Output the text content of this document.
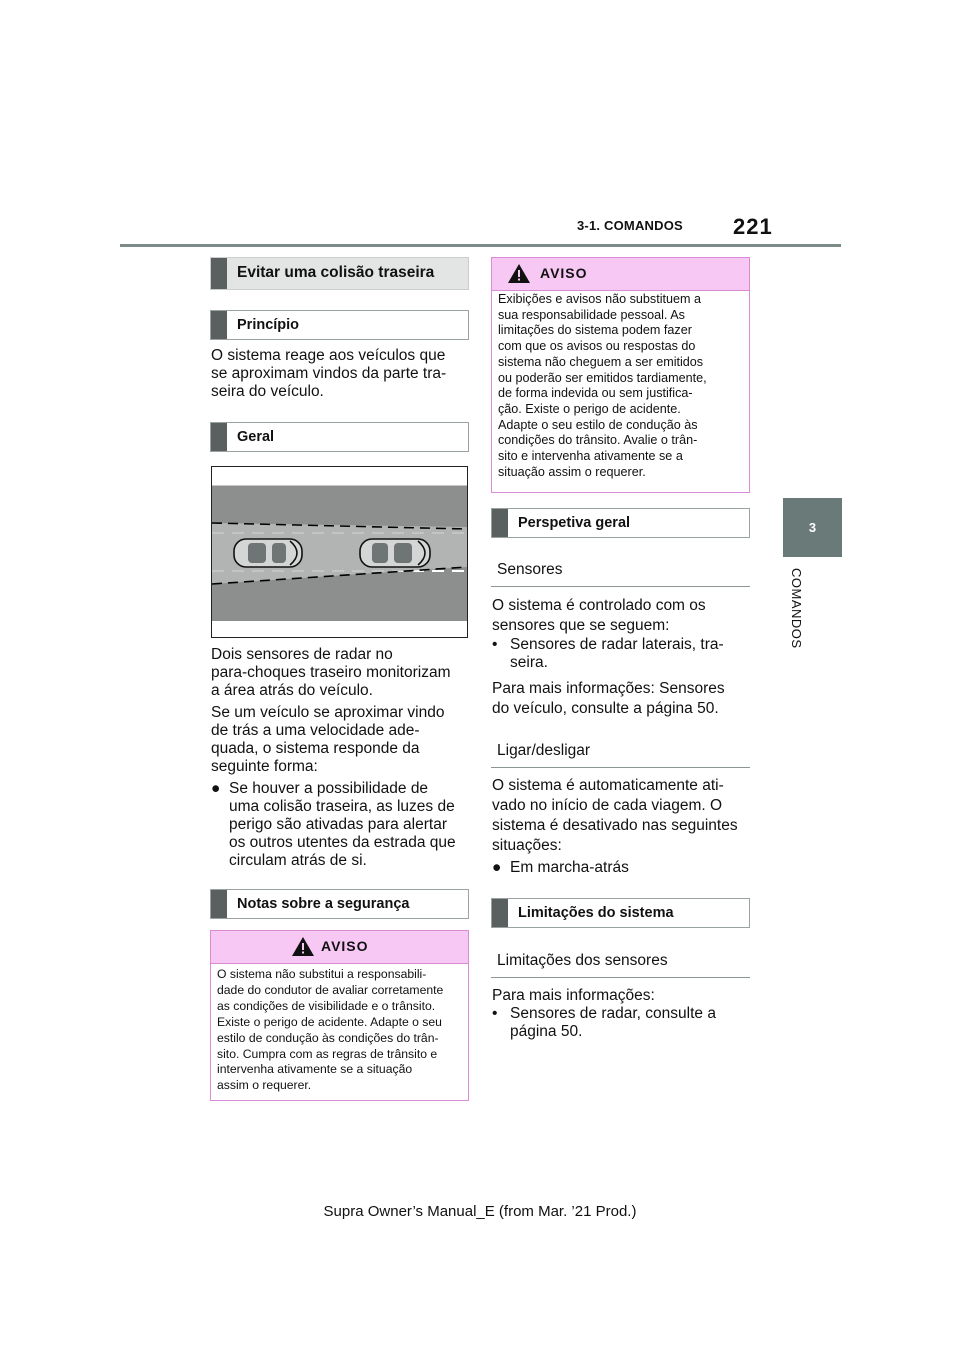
3-1. COMANDOS 221
3
COMANDOS
Evitar uma colisão traseira
Princípio
O sistema reage aos veículos que
se aproximam vindos da parte tra-
seira do veículo.
Geral
Dois sensores de radar no
para-choques traseiro monitorizam
a área atrás do veículo.
Se um veículo se aproximar vindo
de trás a uma velocidade ade-
quada, o sistema responde da
seguinte forma:
● Se houver a possibilidade de
uma colisão traseira, as luzes de
perigo são ativadas para alertar
os outros utentes da estrada que
circulam atrás de si.
Notas sobre a segurança
AVISO
O sistema não substitui a responsabili-
dade do condutor de avaliar corretamente
as condições de visibilidade e o trânsito.
Existe o perigo de acidente. Adapte o seu
estilo de condução às condições do trân-
sito. Cumpra com as regras de trânsito e
intervenha ativamente se a situação
assim o requerer.
AVISO
Exibições e avisos não substituem a
sua responsabilidade pessoal. As
limitações do sistema podem fazer
com que os avisos ou respostas do
sistema não cheguem a ser emitidos
ou poderão ser emitidos tardiamente,
de forma indevida ou sem justifica-
ção. Existe o perigo de acidente.
Adapte o seu estilo de condução às
condições do trânsito. Avalie o trân-
sito e intervenha ativamente se a
situação assim o requerer.
Perspetiva geral
Sensores
O sistema é controlado com os
sensores que se seguem:
• Sensores de radar laterais, tra-
seira.
Para mais informações: Sensores
do veículo, consulte a página 50.
Ligar/desligar
O sistema é automaticamente ati-
vado no início de cada viagem. O
sistema é desativado nas seguintes
situações:
● Em marcha-atrás
Limitações do sistema
Limitações dos sensores
Para mais informações:
• Sensores de radar, consulte a
página 50.
Supra Owner’s Manual_E (from Mar. ’21 Prod.)
